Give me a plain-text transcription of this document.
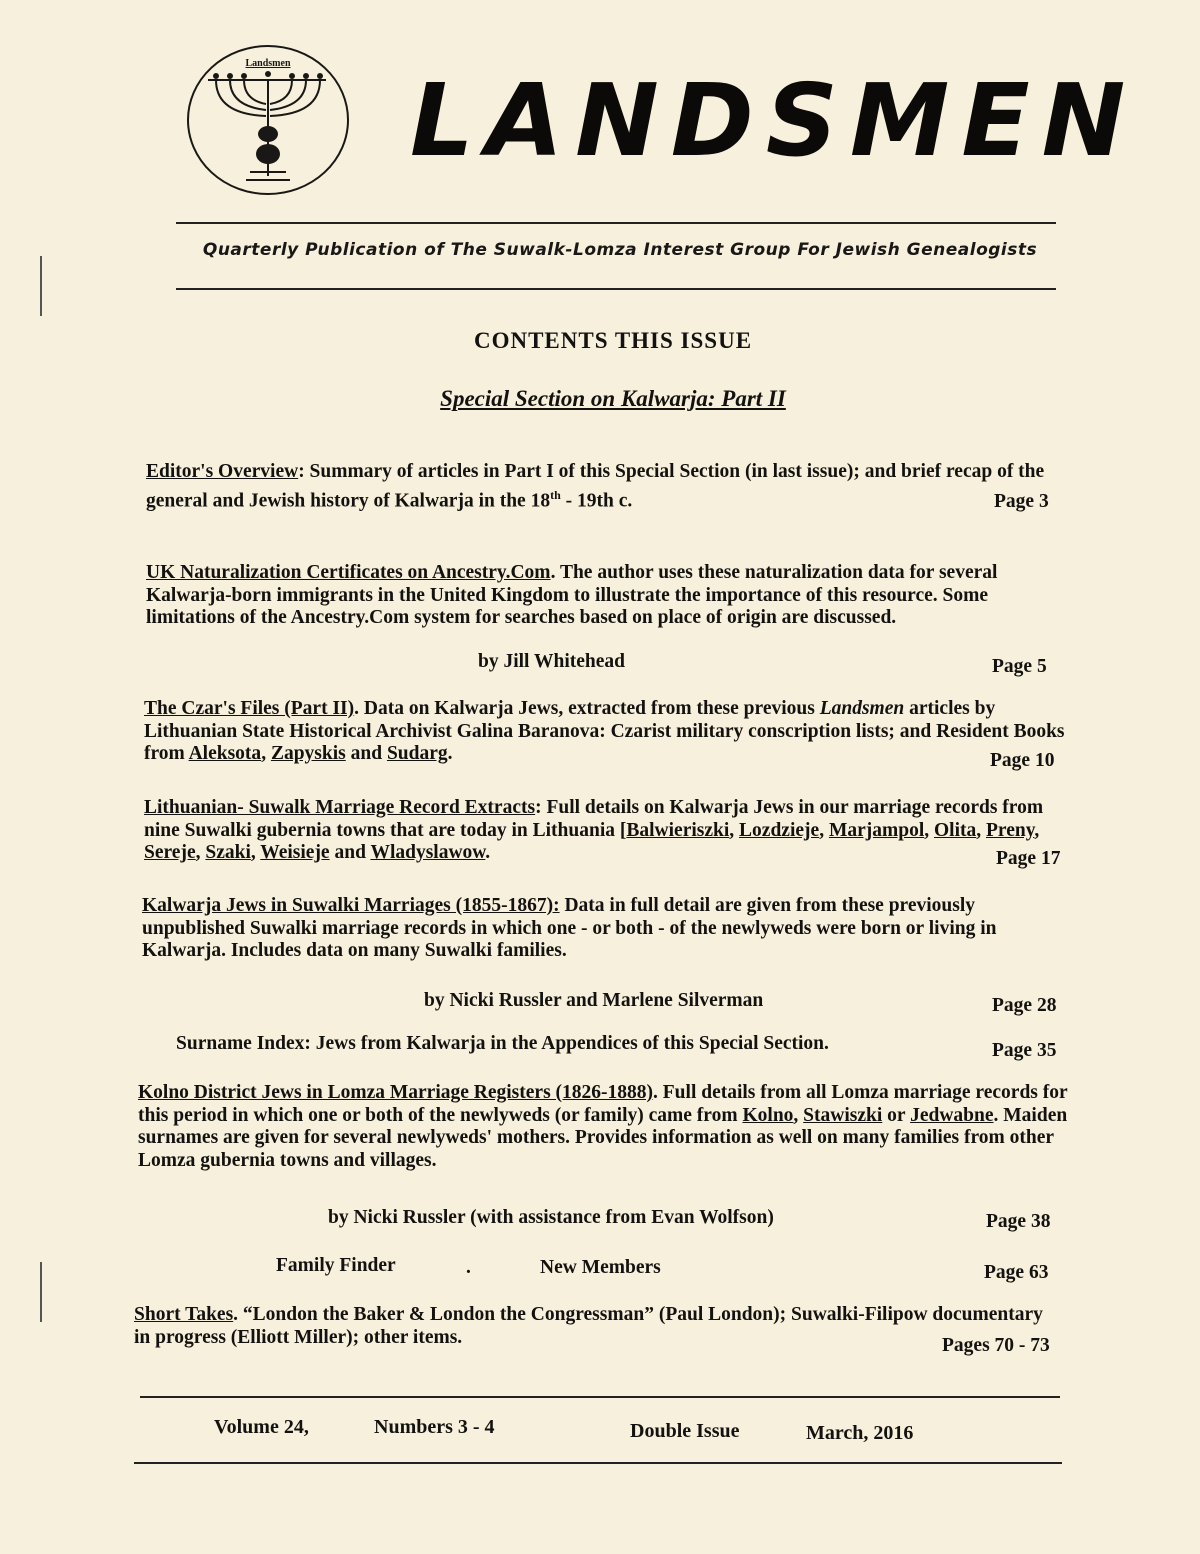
Landsmen LANDSMEN
Quarterly Publication of The Suwalk-Lomza Interest Group For Jewish Genealogists
CONTENTS THIS ISSUE
Special Section on Kalwarja: Part II
Editor's Overview: Summary of articles in Part I of this Special Section (in last issue); and brief recap of the general and Jewish history of Kalwarja in the 18th - 19th c.	Page 3
UK Naturalization Certificates on Ancestry.Com. The author uses these naturalization data for several Kalwarja-born immigrants in the United Kingdom to illustrate the importance of this resource. Some limitations of the Ancestry.Com system for searches based on place of origin are discussed.
by Jill Whitehead	Page 5
The Czar's Files (Part II). Data on Kalwarja Jews, extracted from these previous Landsmen articles by Lithuanian State Historical Archivist Galina Baranova: Czarist military conscription lists; and Resident Books from Aleksota, Zapyskis and Sudarg.	Page 10
Lithuanian- Suwalk Marriage Record Extracts: Full details on Kalwarja Jews in our marriage records from nine Suwalki gubernia towns that are today in Lithuania [Balwieriszki, Lozdzieje, Marjampol, Olita, Preny, Sereje, Szaki, Weisieje and Wladyslawow.	Page 17
Kalwarja Jews in Suwalki Marriages (1855-1867): Data in full detail are given from these previously unpublished Suwalki marriage records in which one - or both - of the newlyweds were born or living in Kalwarja. Includes data on many Suwalki families.
by Nicki Russler and Marlene Silverman	Page 28
Surname Index: Jews from Kalwarja in the Appendices of this Special Section.	Page 35
Kolno District Jews in Lomza Marriage Registers (1826-1888). Full details from all Lomza marriage records for this period in which one or both of the newlyweds (or family) came from Kolno, Stawiszki or Jedwabne. Maiden surnames are given for several newlyweds' mothers. Provides information as well on many families from other Lomza gubernia towns and villages.
by Nicki Russler (with assistance from Evan Wolfson)	Page 38
Family Finder	.	New Members	Page 63
Short Takes. “London the Baker & London the Congressman” (Paul London); Suwalki-Filipow documentary in progress (Elliott Miller); other items.	Pages 70 - 73
Volume 24,	Numbers 3 - 4	Double Issue	March, 2016
